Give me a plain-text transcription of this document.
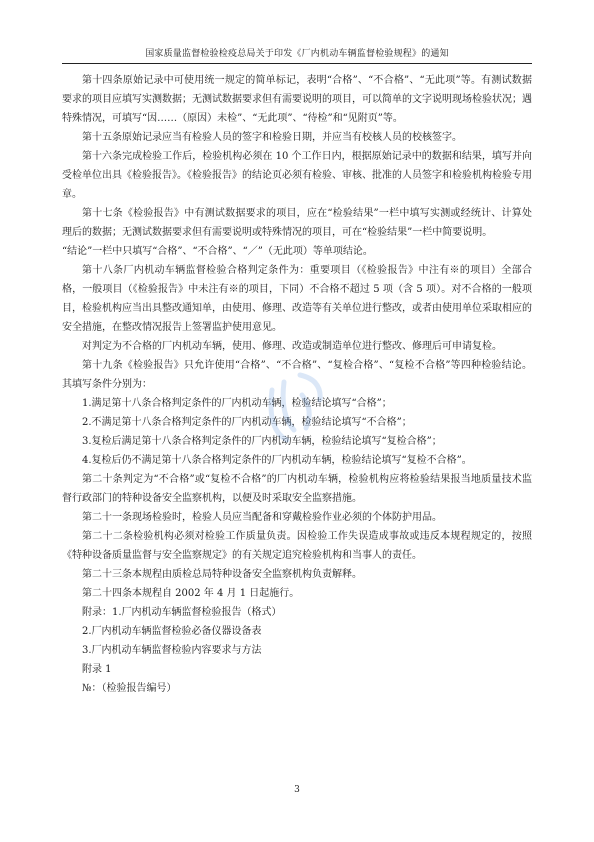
国家质量监督检验检疫总局关于印发《厂内机动车辆监督检验规程》的通知

第十四条原始记录中可使用统一规定的简单标记，表明“合格”、“不合格”、“无此项”等。有测试数据要求的项目应填写实测数据；无测试数据要求但有需要说明的项目，可以简单的文字说明现场检验状况；遇特殊情况，可填写“因……（原因）未检”、“无此项”、“待检”和“见附页”等。

第十五条原始记录应当有检验人员的签字和检验日期，并应当有校核人员的校核签字。

第十六条完成检验工作后，检验机构必须在 10 个工作日内，根据原始记录中的数据和结果，填写并向受检单位出具《检验报告》。《检验报告》的结论页必须有检验、审核、批准的人员签字和检验机构检验专用章。

第十七条《检验报告》中有测试数据要求的项目，应在“检验结果”一栏中填写实测或经统计、计算处理后的数据；无测试数据要求但有需要说明或特殊情况的项目，可在“检验结果”一栏中简要说明。

“结论”一栏中只填写“合格”、“不合格”、“／”（无此项）等单项结论。

第十八条厂内机动车辆监督检验合格判定条件为：重要项目（《检验报告》中注有※的项目）全部合格，一般项目（《检验报告》中未注有※的项目，下同）不合格不超过 5 项（含 5 项）。对不合格的一般项目，检验机构应当出具整改通知单，由使用、修理、改造等有关单位进行整改，或者由使用单位采取相应的安全措施，在整改情况报告上签署监护使用意见。

对判定为不合格的厂内机动车辆，使用、修理、改造或制造单位进行整改、修理后可申请复检。

第十九条《检验报告》只允许使用“合格”、“不合格”、“复检合格”、“复检不合格”等四种检验结论。其填写条件分别为：

1.满足第十八条合格判定条件的厂内机动车辆，检验结论填写“合格”；

2.不满足第十八条合格判定条件的厂内机动车辆，检验结论填写“不合格”；

3.复检后满足第十八条合格判定条件的厂内机动车辆，检验结论填写“复检合格”；

4.复检后仍不满足第十八条合格判定条件的厂内机动车辆，检验结论填写“复检不合格”。

第二十条判定为“不合格”或“复检不合格”的厂内机动车辆，检验机构应将检验结果报当地质量技术监督行政部门的特种设备安全监察机构，以便及时采取安全监察措施。

第二十一条现场检验时，检验人员应当配备和穿戴检验作业必须的个体防护用品。

第二十二条检验机构必须对检验工作质量负责。因检验工作失误造成事故或违反本规程规定的，按照《特种设备质量监督与安全监察规定》的有关规定追究检验机构和当事人的责任。

第二十三条本规程由质检总局特种设备安全监察机构负责解释。

第二十四条本规程自 2002 年 4 月 1 日起施行。

附录：1.厂内机动车辆监督检验报告（格式）

2.厂内机动车辆监督检验必备仪器设备表

3.厂内机动车辆监督检验内容要求与方法

附录 1

№：（检验报告编号）

3
